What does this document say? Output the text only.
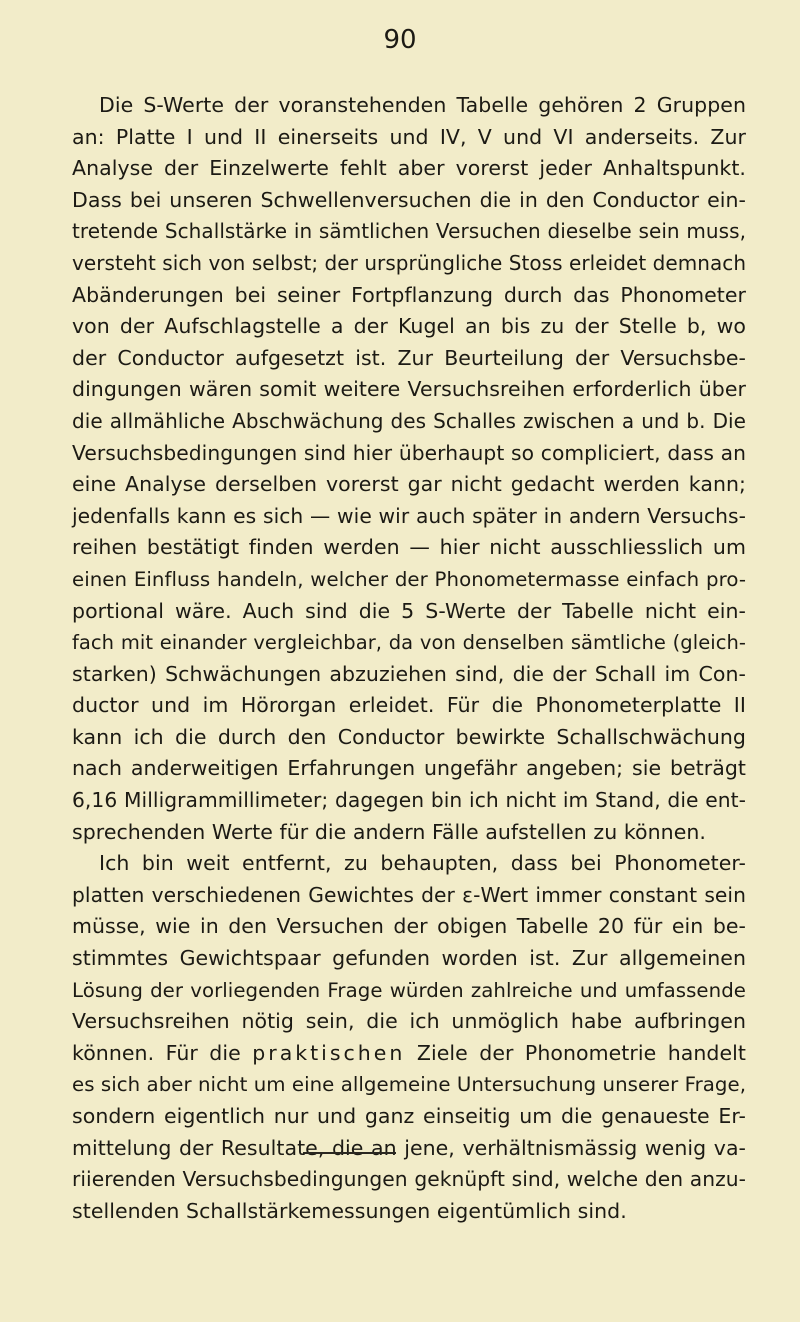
90
Die S-Werte der voranstehenden Tabelle gehören 2 Gruppen
an: Platte I und II einerseits und IV, V und VI anderseits. Zur
Analyse der Einzelwerte fehlt aber vorerst jeder Anhaltspunkt.
Dass bei unseren Schwellenversuchen die in den Conductor ein-
tretende Schallstärke in sämtlichen Versuchen dieselbe sein muss,
versteht sich von selbst; der ursprüngliche Stoss erleidet demnach
Abänderungen bei seiner Fortpflanzung durch das Phonometer
von der Aufschlagstelle a der Kugel an bis zu der Stelle b, wo
der Conductor aufgesetzt ist. Zur Beurteilung der Versuchsbe-
dingungen wären somit weitere Versuchsreihen erforderlich über
die allmähliche Abschwächung des Schalles zwischen a und b. Die
Versuchsbedingungen sind hier überhaupt so compliciert, dass an
eine Analyse derselben vorerst gar nicht gedacht werden kann;
jedenfalls kann es sich — wie wir auch später in andern Versuchs-
reihen bestätigt finden werden — hier nicht ausschliesslich um
einen Einfluss handeln, welcher der Phonometermasse einfach pro-
portional wäre. Auch sind die 5 S-Werte der Tabelle nicht ein-
fach mit einander vergleichbar, da von denselben sämtliche (gleich-
starken) Schwächungen abzuziehen sind, die der Schall im Con-
ductor und im Hörorgan erleidet. Für die Phonometerplatte II
kann ich die durch den Conductor bewirkte Schallschwächung
nach anderweitigen Erfahrungen ungefähr angeben; sie beträgt
6,16 Milligrammillimeter; dagegen bin ich nicht im Stand, die ent-
sprechenden Werte für die andern Fälle aufstellen zu können.
Ich bin weit entfernt, zu behaupten, dass bei Phonometer-
platten verschiedenen Gewichtes der ε-Wert immer constant sein
müsse, wie in den Versuchen der obigen Tabelle 20 für ein be-
stimmtes Gewichtspaar gefunden worden ist. Zur allgemeinen
Lösung der vorliegenden Frage würden zahlreiche und umfassende
Versuchsreihen nötig sein, die ich unmöglich habe aufbringen
können. Für die praktischen Ziele der Phonometrie handelt
es sich aber nicht um eine allgemeine Untersuchung unserer Frage,
sondern eigentlich nur und ganz einseitig um die genaueste Er-
mittelung der Resultate, die an jene, verhältnismässig wenig va-
riierenden Versuchsbedingungen geknüpft sind, welche den anzu-
stellenden Schallstärkemessungen eigentümlich sind.
